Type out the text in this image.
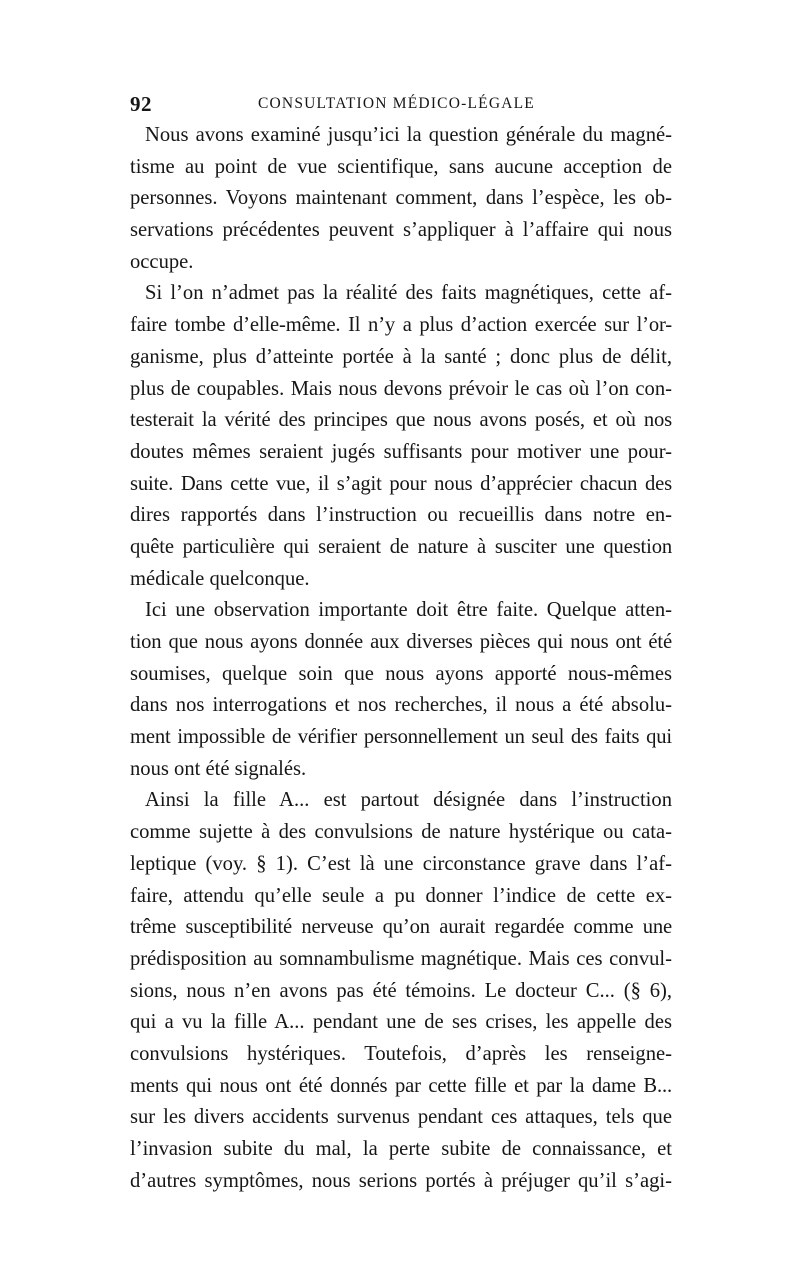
92	CONSULTATION MÉDICO-LÉGALE
Nous avons examiné jusqu’ici la question générale du magné-
tisme au point de vue scientifique, sans aucune acception de
personnes. Voyons maintenant comment, dans l’espèce, les ob-
servations précédentes peuvent s’appliquer à l’affaire qui nous
occupe.
Si l’on n’admet pas la réalité des faits magnétiques, cette af-
faire tombe d’elle-même. Il n’y a plus d’action exercée sur l’or-
ganisme, plus d’atteinte portée à la santé ; donc plus de délit,
plus de coupables. Mais nous devons prévoir le cas où l’on con-
testerait la vérité des principes que nous avons posés, et où nos
doutes mêmes seraient jugés suffisants pour motiver une pour-
suite. Dans cette vue, il s’agit pour nous d’apprécier chacun des
dires rapportés dans l’instruction ou recueillis dans notre en-
quête particulière qui seraient de nature à susciter une question
médicale quelconque.
Ici une observation importante doit être faite. Quelque atten-
tion que nous ayons donnée aux diverses pièces qui nous ont été
soumises, quelque soin que nous ayons apporté nous-mêmes
dans nos interrogations et nos recherches, il nous a été absolu-
ment impossible de vérifier personnellement un seul des faits qui
nous ont été signalés.
Ainsi la fille A... est partout désignée dans l’instruction
comme sujette à des convulsions de nature hystérique ou cata-
leptique (voy. § 1). C’est là une circonstance grave dans l’af-
faire, attendu qu’elle seule a pu donner l’indice de cette ex-
trême susceptibilité nerveuse qu’on aurait regardée comme une
prédisposition au somnambulisme magnétique. Mais ces convul-
sions, nous n’en avons pas été témoins. Le docteur C... (§ 6),
qui a vu la fille A... pendant une de ses crises, les appelle des
convulsions hystériques. Toutefois, d’après les renseigne-
ments qui nous ont été donnés par cette fille et par la dame B...
sur les divers accidents survenus pendant ces attaques, tels que
l’invasion subite du mal, la perte subite de connaissance, et
d’autres symptômes, nous serions portés à préjuger qu’il s’agi-
